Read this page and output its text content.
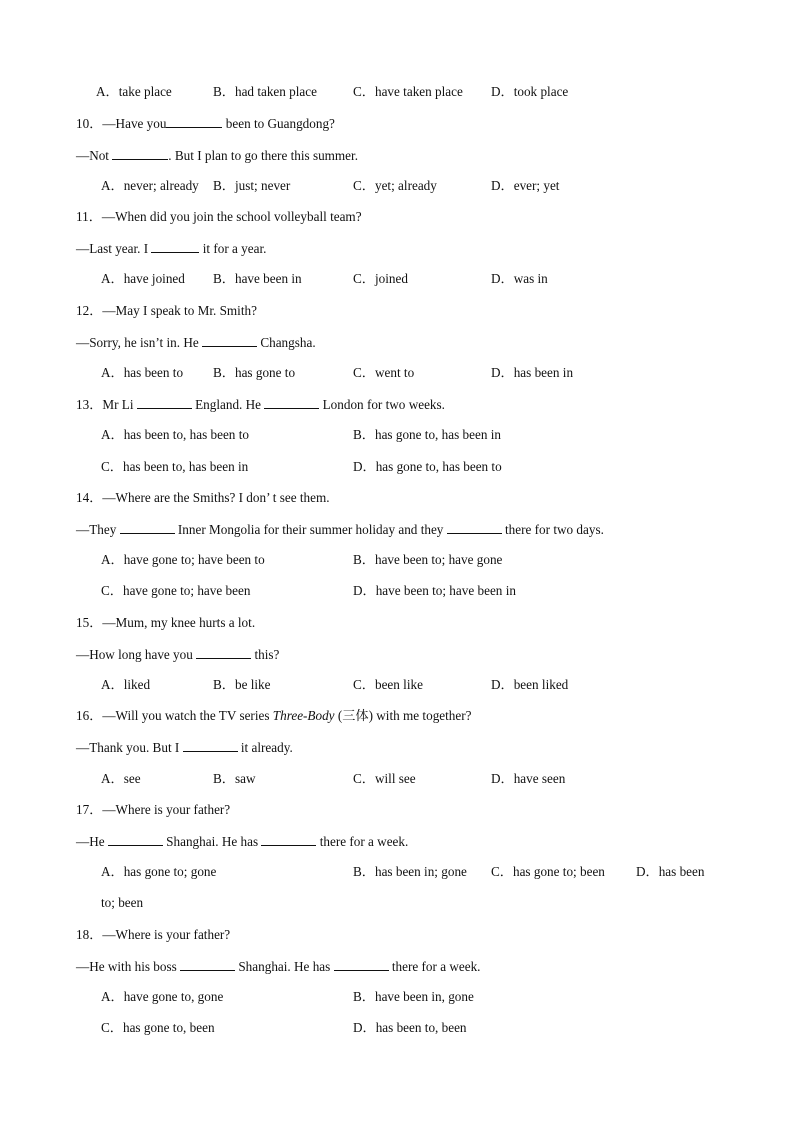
A．take place	B．had taken place	C．have taken place D．took place
10．—Have you	been to Guangdong?
—Not	. But I plan to go there this summer.
A．never; already B．just; never	C．yet; already	D．ever; yet
11．—When did you join the school volleyball team?
—Last year. I	it for a year.
A．have joined B．have been in	C．joined	D．was in
12．—May I speak to Mr. Smith?
—Sorry, he isn’t in. He	Changsha.
A．has been to B．has gone to	C．went to	D．has been in
13．Mr Li	England. He	London for two weeks.
A．has been to, has been to	B．has gone to, has been in
C．has been to, has been in	D．has gone to, has been to
14．—Where are the Smiths? I don’ t see them.
—They	Inner Mongolia for their summer holiday and they	there for two days.
A．have gone to; have been to	B．have been to; have gone
C．have gone to; have been	D．have been to; have been in
15．—Mum, my knee hurts a lot.
—How long have you	this?
A．liked	B．be like	C．been like	D．been liked
16．—Will you watch the TV series Three-Body (三体) with me together?
—Thank you. But I	it already.
A．see	B．saw	C．will see	D．have seen
17．—Where is your father?
—He	Shanghai. He has	there for a week.
A．has gone to; gone	B．has been in; gone C．has gone to; been D．has been
to; been
18．—Where is your father?
—He with his boss	Shanghai. He has	there for a week.
A．have gone to, gone	B．have been in, gone
C．has gone to, been	D．has been to, been
